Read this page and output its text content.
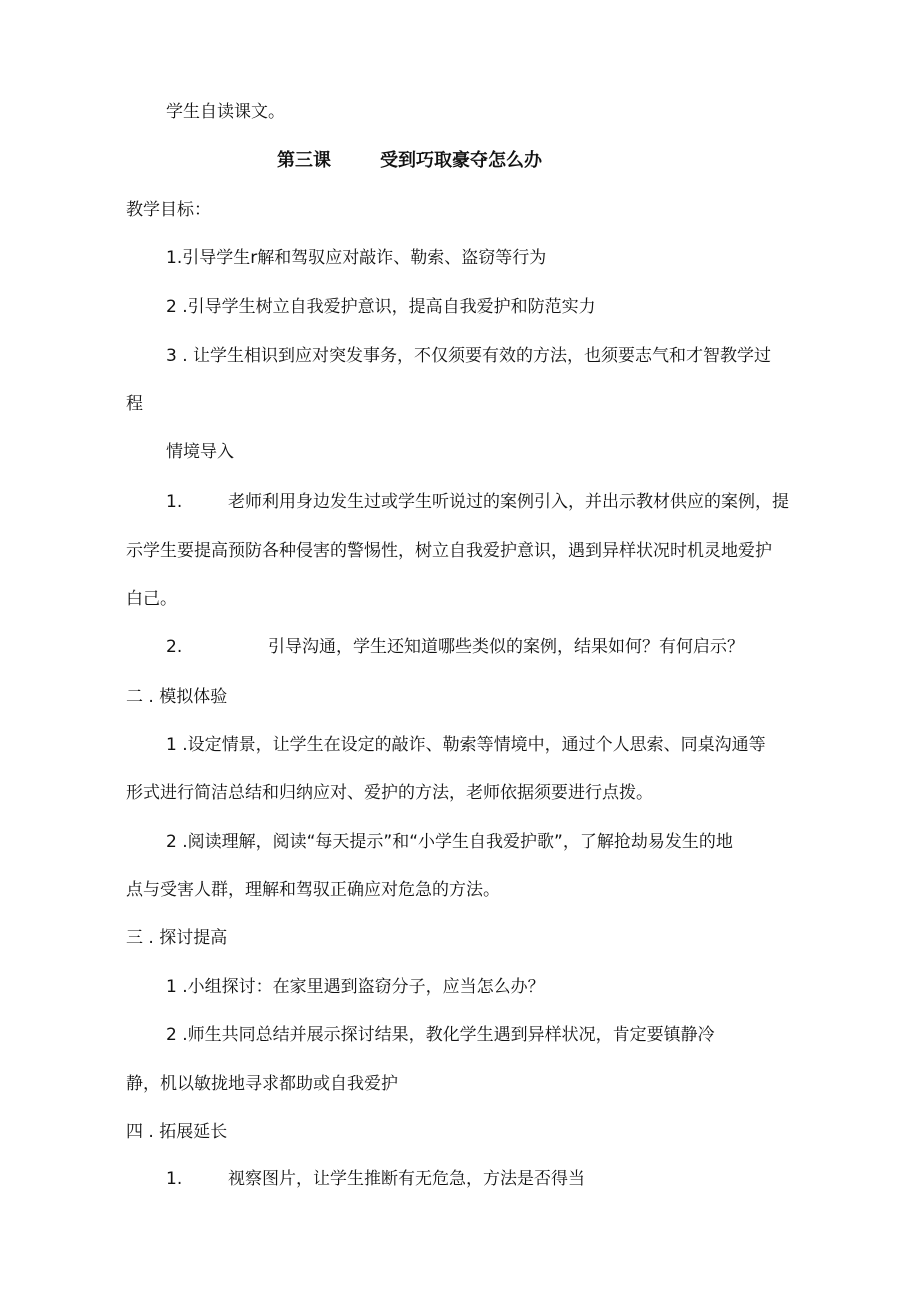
学生自读课文。

第三课	受到巧取豪夺怎么办

教学目标：

1.引导学生r解和驾驭应对敲诈、勒索、盗窃等行为

2 .引导学生树立自我爱护意识，提高自我爱护和防范实力

3 . 让学生相识到应对突发事务，不仅须要有效的方法，也须要志气和才智教学过

程

情境导入

1.	老师利用身边发生过或学生听说过的案例引入，并出示教材供应的案例，提

示学生要提高预防各种侵害的警惕性，树立自我爱护意识，遇到异样状况时机灵地爱护

白己。

2.	引导沟通，学生还知道哪些类似的案例，结果如何？有何启示？

二 . 模拟体验

1 .设定情景，让学生在设定的敲诈、勒索等情境中，通过个人思索、同桌沟通等

形式进行简洁总结和归纳应对、爱护的方法，老师依据须要进行点拨。

2 .阅读理解，阅读“每天提示”和“小学生自我爱护歌”，了解抢劫易发生的地

点与受害人群，理解和驾驭正确应对危急的方法。

三 . 探讨提高

1 .小组探讨：在家里遇到盗窃分子，应当怎么办？

2 .师生共同总结并展示探讨结果，教化学生遇到异样状况，肯定要镇静冷

静，机以敏拢地寻求都助或自我爱护

四 . 拓展延长

1.	视察图片，让学生推断有无危急，方法是否得当
